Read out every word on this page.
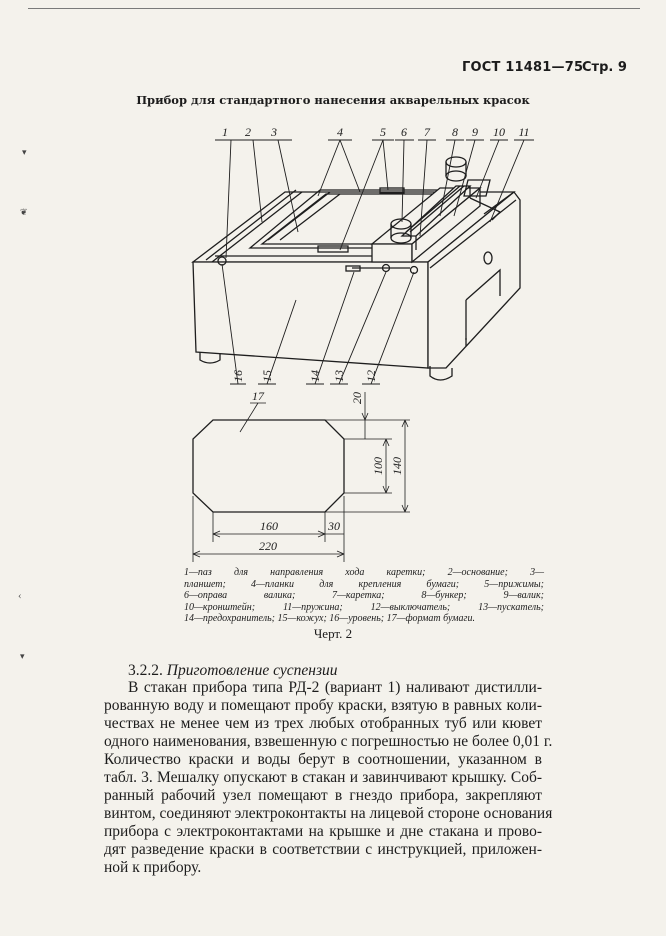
ГОСТ 11481—75
Стр. 9
Прибор для стандартного нанесения акварельных красок
1 2 3	4	5 6 7 8 9 10 11
16 15	14 13 12
17
160	30
220
140
100
20

1—паз для направления хода каретки; 2—основание; 3—

планшет; 4—планки для крепления бумаги; 5—прижимы;

6—оправа валика; 7—каретка; 8—бункер; 9—валик;

10—кронштейн; 11—пружина; 12—выключатель; 13—пускатель;

14—предохранитель; 15—кожух; 16—уровень; 17—формат бумаги.

Черт. 2
3.2.2. Приготовление суспензии

В стакан прибора типа РД-2 (вариант 1) наливают дистилли-

рованную воду и помещают пробу краски, взятую в равных коли-

чествах не менее чем из трех любых отобранных туб или кювет

одного наименования, взвешенную с погрешностью не более 0,01 г.

Количество краски и воды берут в соотношении, указанном в

табл. 3. Мешалку опускают в стакан и завинчивают крышку. Соб-

ранный рабочий узел помещают в гнездо прибора, закрепляют

винтом, соединяют электроконтакты на лицевой стороне основания

прибора с электроконтактами на крышке и дне стакана и прово-

дят разведение краски в соответствии с инструкцией, приложен-

ной к прибору.

▾
❦
‹
▾
